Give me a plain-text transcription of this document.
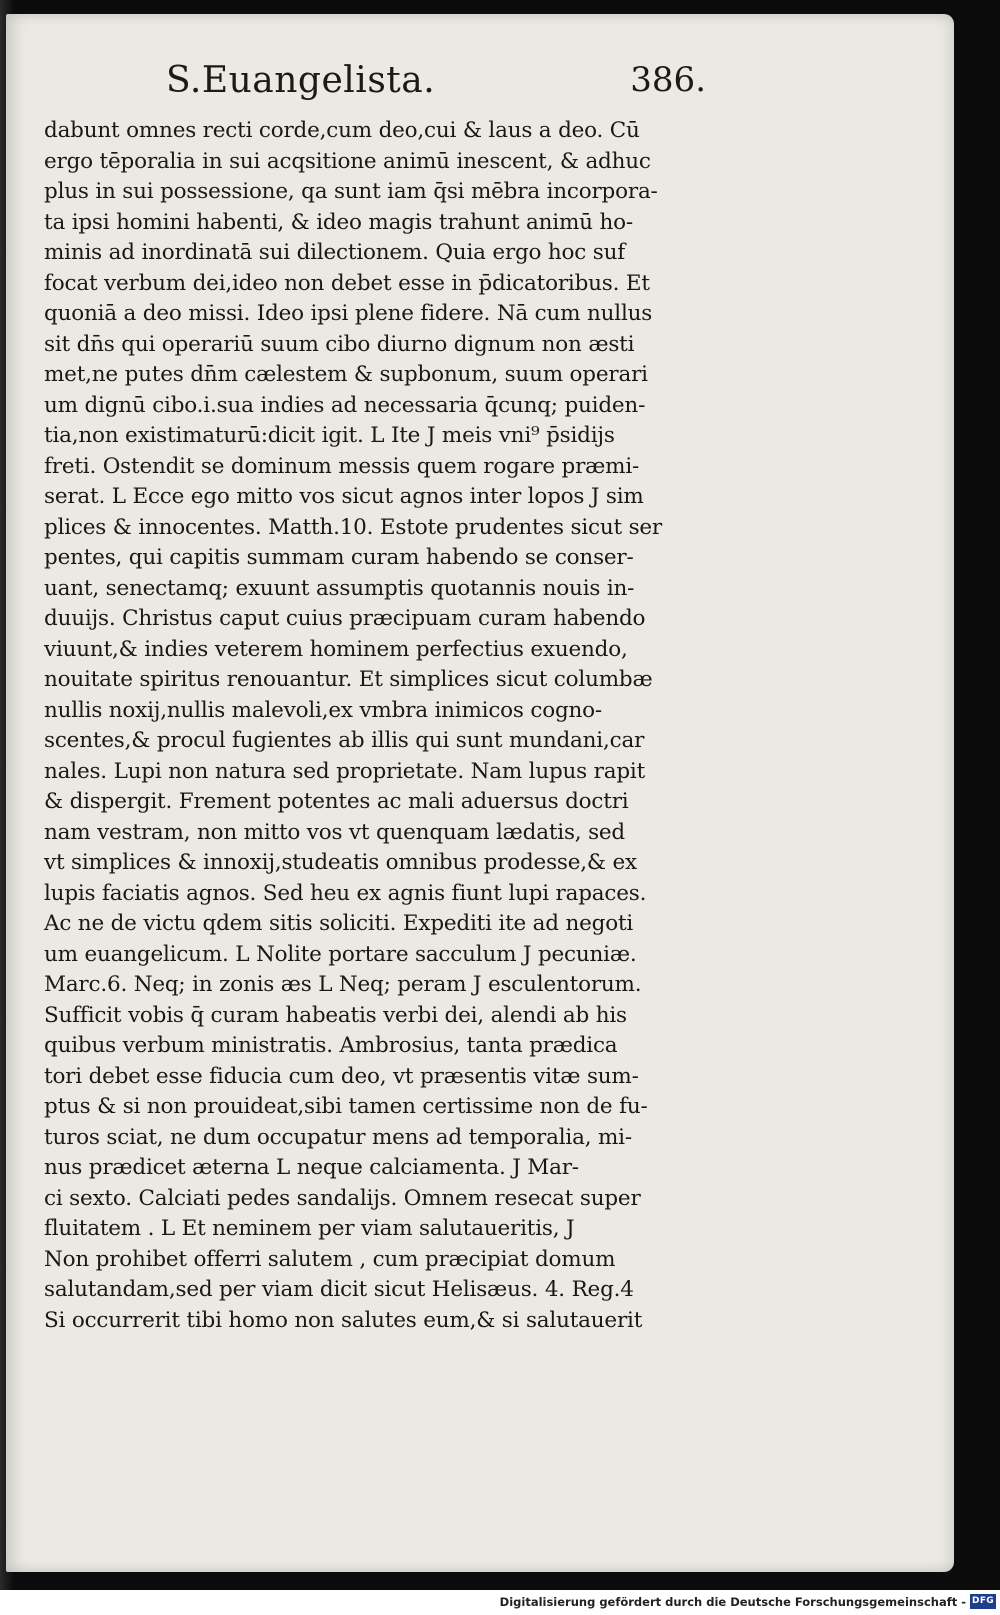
S.Euangelista.	386.
dabunt omnes recti corde,cum deo,cui & laus a deo. Cū
ergo tēporalia in sui acqsitione animū inescent, & adhuc
plus in sui possessione, qa sunt iam q̄si mēbra incorpora-
ta ipsi homini habenti, & ideo magis trahunt animū ho-
minis ad inordinatā sui dilectionem. Quia ergo hoc suf
focat verbum dei,ideo non debet esse in p̄dicatoribus. Et
quoniā a deo missi. Ideo ipsi plene fidere. Nā cum nullus
sit dn̄s qui operariū suum cibo diurno dignum non æsti
met,ne putes dn̄m cælestem & supbonum, suum operari
um dignū cibo.i.sua indies ad necessaria q̄cunq; puiden-
tia,non existimaturū:dicit igit. L Ite J meis vni⁹ p̄sidijs
freti. Ostendit se dominum messis quem rogare præmi-
serat. L Ecce ego mitto vos sicut agnos inter lopos J sim
plices & innocentes. Matth.10. Estote prudentes sicut ser
pentes, qui capitis summam curam habendo se conser-
uant, senectamq; exuunt assumptis quotannis nouis in-
duuijs. Christus caput cuius præcipuam curam habendo
viuunt,& indies veterem hominem perfectius exuendo,
nouitate spiritus renouantur. Et simplices sicut columbæ
nullis noxij,nullis malevoli,ex vmbra inimicos cogno-
scentes,& procul fugientes ab illis qui sunt mundani,car
nales. Lupi non natura sed proprietate. Nam lupus rapit
& dispergit. Frement potentes ac mali aduersus doctri
nam vestram, non mitto vos vt quenquam lædatis, sed
vt simplices & innoxij,studeatis omnibus prodesse,& ex
lupis faciatis agnos. Sed heu ex agnis fiunt lupi rapaces.
Ac ne de victu qdem sitis soliciti. Expediti ite ad negoti
um euangelicum. L Nolite portare sacculum J pecuniæ.
Marc.6. Neq; in zonis æs L Neq; peram J esculentorum.
Sufficit vobis q̄ curam habeatis verbi dei, alendi ab his
quibus verbum ministratis. Ambrosius, tanta prædica
tori debet esse fiducia cum deo, vt præsentis vitæ sum-
ptus & si non prouideat,sibi tamen certissime non de fu-
turos sciat, ne dum occupatur mens ad temporalia, mi-
nus prædicet æterna L neque calciamenta. J Mar-
ci sexto. Calciati pedes sandalijs. Omnem resecat super
fluitatem . L Et neminem per viam salutaueritis, J
Non prohibet offerri salutem , cum præcipiat domum
salutandam,sed per viam dicit sicut Helisæus. 4. Reg.4
Si occurrerit tibi homo non salutes eum,& si salutauerit
Digitalisierung gefördert durch die Deutsche Forschungsgemeinschaft - DFG
